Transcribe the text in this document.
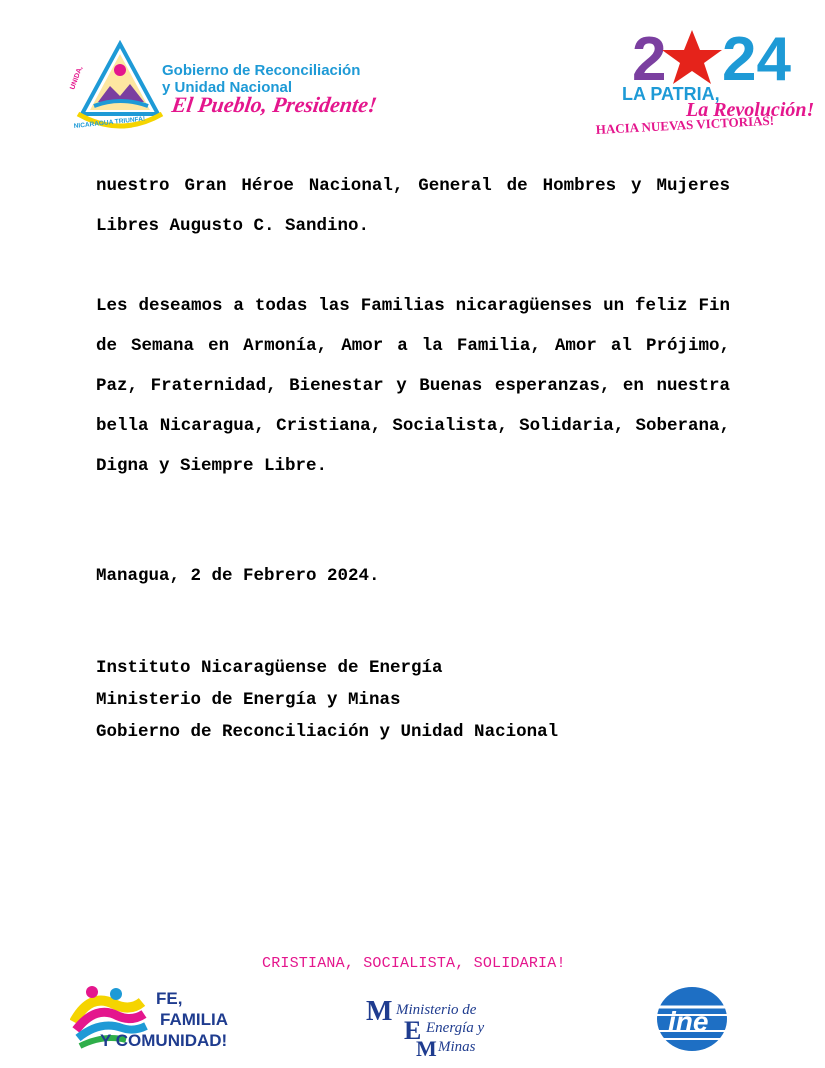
UNIDA,
NICARAGUA TRIUNFA!
Gobierno de Reconciliación
y Unidad Nacional
El Pueblo, Presidente!
2 24
LA PATRIA,
La Revolución!
HACIA NUEVAS VICTORIAS!

nuestro Gran Héroe Nacional, General de Hombres y Mujeres Libres Augusto C. Sandino.

Les deseamos a todas las Familias nicaragüenses un feliz Fin de Semana en Armonía, Amor a la Familia, Amor al Prójimo, Paz, Fraternidad, Bienestar y Buenas esperanzas, en nuestra bella Nicaragua, Cristiana, Socialista, Solidaria, Soberana, Digna y Siempre Libre.

Managua, 2 de Febrero 2024.
Instituto Nicaragüense de Energía
Ministerio de Energía y Minas
Gobierno de Reconciliación y Unidad Nacional
CRISTIANA, SOCIALISTA, SOLIDARIA!
FE,
FAMILIA
Y COMUNIDAD!
M
E
M
Ministerio de
Energía y
Minas
ine
